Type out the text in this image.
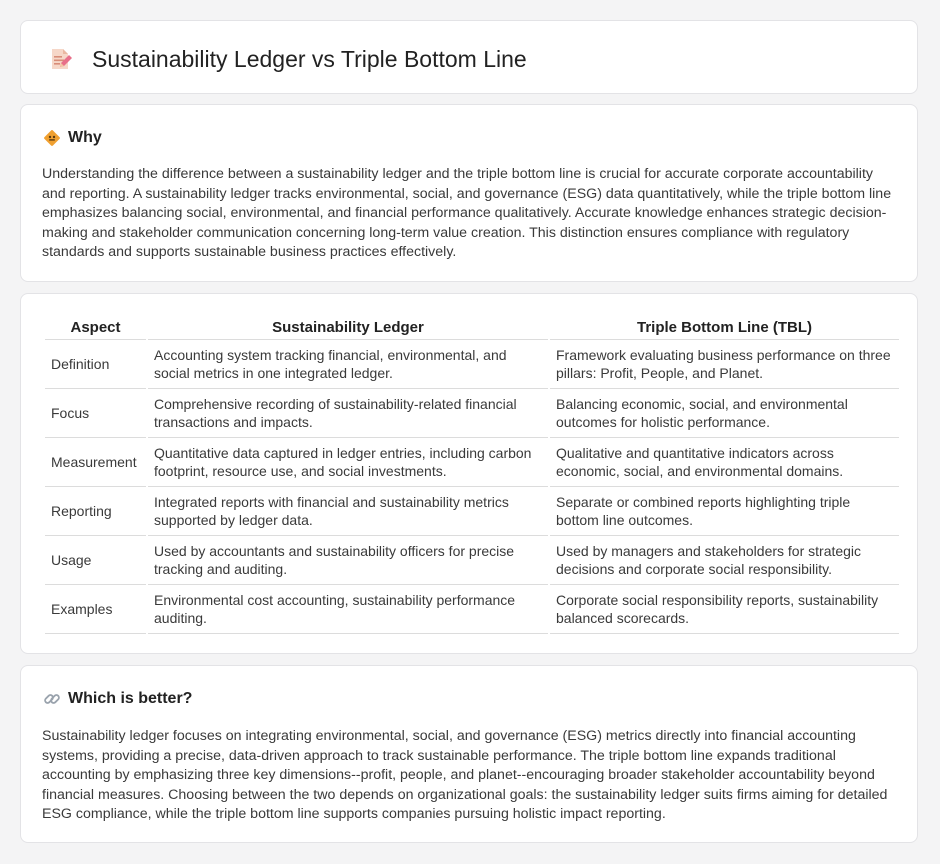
Sustainability Ledger vs Triple Bottom Line
Why

Understanding the difference between a sustainability ledger and the triple bottom line is crucial for accurate corporate accountability and reporting. A sustainability ledger tracks environmental, social, and governance (ESG) data quantitatively, while the triple bottom line emphasizes balancing social, environmental, and financial performance qualitatively. Accurate knowledge enhances strategic decision-making and stakeholder communication concerning long-term value creation. This distinction ensures compliance with regulatory standards and supports sustainable business practices effectively.

Aspect	Sustainability Ledger	Triple Bottom Line (TBL)
Definition	Accounting system tracking financial, environmental, and social metrics in one integrated ledger.	Framework evaluating business performance on three pillars: Profit, People, and Planet.
Focus	Comprehensive recording of sustainability-related financial transactions and impacts.	Balancing economic, social, and environmental outcomes for holistic performance.
Measurement	Quantitative data captured in ledger entries, including carbon footprint, resource use, and social investments.	Qualitative and quantitative indicators across economic, social, and environmental domains.
Reporting	Integrated reports with financial and sustainability metrics supported by ledger data.	Separate or combined reports highlighting triple bottom line outcomes.
Usage	Used by accountants and sustainability officers for precise tracking and auditing.	Used by managers and stakeholders for strategic decisions and corporate social responsibility.
Examples	Environmental cost accounting, sustainability performance auditing.	Corporate social responsibility reports, sustainability balanced scorecards.
Which is better?

Sustainability ledger focuses on integrating environmental, social, and governance (ESG) metrics directly into financial accounting systems, providing a precise, data-driven approach to track sustainable performance. The triple bottom line expands traditional accounting by emphasizing three key dimensions--profit, people, and planet--encouraging broader stakeholder accountability beyond financial measures. Choosing between the two depends on organizational goals: the sustainability ledger suits firms aiming for detailed ESG compliance, while the triple bottom line supports companies pursuing holistic impact reporting.
